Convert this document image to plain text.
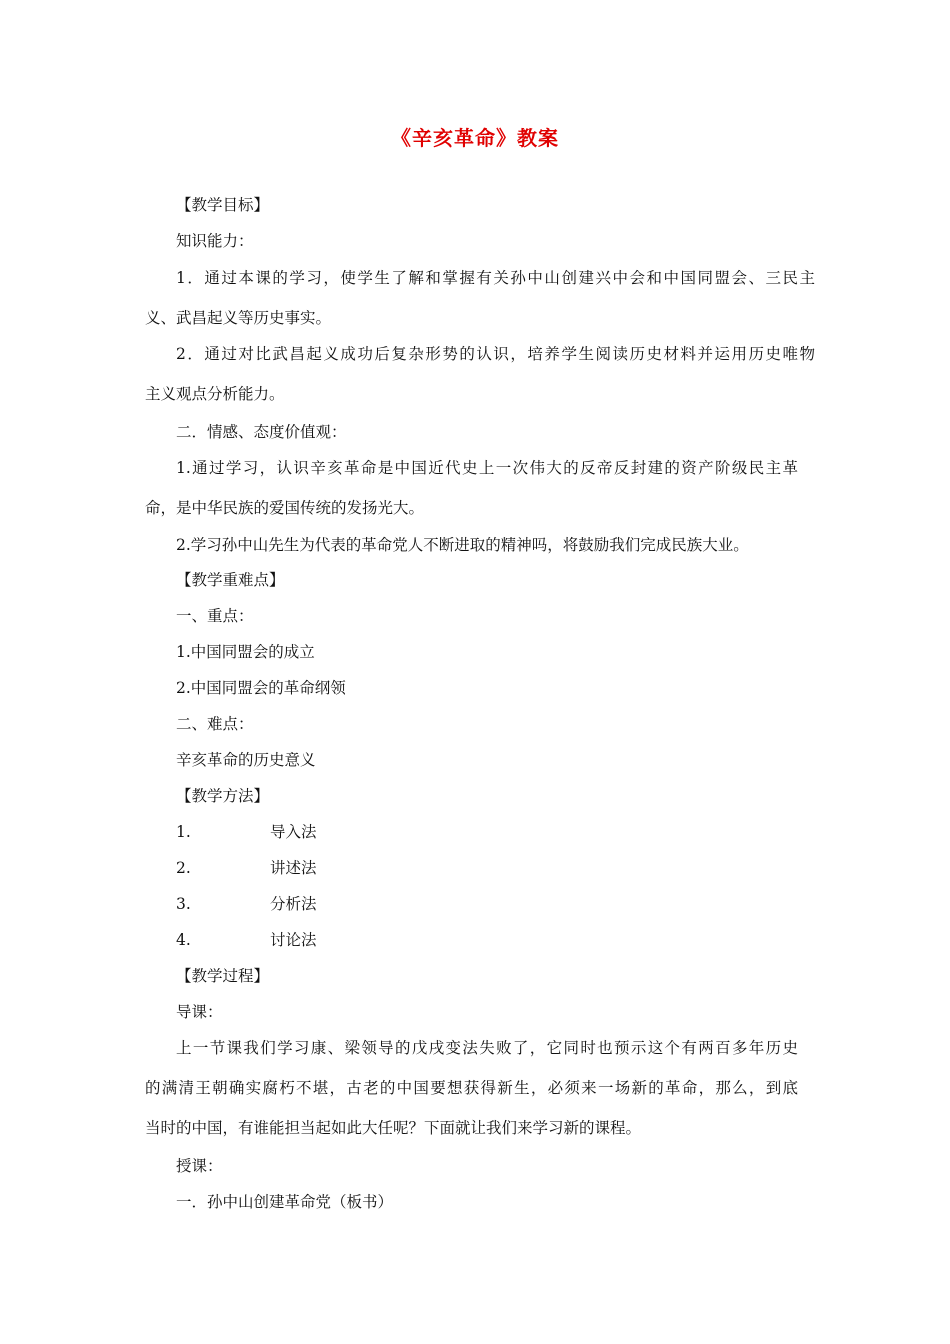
《辛亥革命》教案
【教学目标】
知识能力：
1．通过本课的学习，使学生了解和掌握有关孙中山创建兴中会和中国同盟会、三民主
义、武昌起义等历史事实。
2．通过对比武昌起义成功后复杂形势的认识，培养学生阅读历史材料并运用历史唯物
主义观点分析能力。
二．情感、态度价值观：
1.通过学习，认识辛亥革命是中国近代史上一次伟大的反帝反封建的资产阶级民主革
命，是中华民族的爱国传统的发扬光大。
2.学习孙中山先生为代表的革命党人不断进取的精神吗，将鼓励我们完成民族大业。
【教学重难点】
一、重点：
1.中国同盟会的成立
2.中国同盟会的革命纲领
二、难点：
辛亥革命的历史意义
【教学方法】
1.	导入法
2.	讲述法
3.	分析法
4.	讨论法
【教学过程】
导课：
上一节课我们学习康、梁领导的戊戌变法失败了，它同时也预示这个有两百多年历史
的满清王朝确实腐朽不堪，古老的中国要想获得新生，必须来一场新的革命，那么，到底
当时的中国，有谁能担当起如此大任呢？下面就让我们来学习新的课程。
授课：
一．孙中山创建革命党（板书）
